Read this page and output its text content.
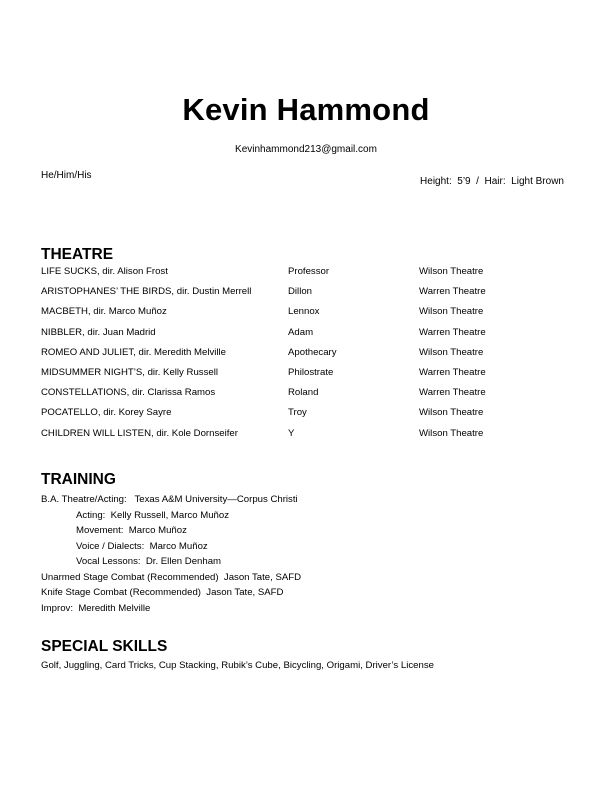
Kevin Hammond
Kevinhammond213@gmail.com
He/Him/His
Height:  5’9  /  Hair:  Light Brown
THEATRE
LIFE SUCKS, dir. Alison Frost	Professor	Wilson Theatre
ARISTOPHANES’ THE BIRDS, dir. Dustin Merrell	Dillon	Warren Theatre
MACBETH, dir. Marco Muñoz	Lennox	Wilson Theatre
NIBBLER, dir. Juan Madrid	Adam	Warren Theatre
ROMEO AND JULIET, dir. Meredith Melville	Apothecary	Wilson Theatre
MIDSUMMER NIGHT’S, dir. Kelly Russell	Philostrate	Warren Theatre
CONSTELLATIONS, dir. Clarissa Ramos	Roland	Warren Theatre
POCATELLO, dir. Korey Sayre	Troy	Wilson Theatre
CHILDREN WILL LISTEN, dir. Kole Dornseifer	Y	Wilson Theatre
TRAINING
B.A. Theatre/Acting:   Texas A&M University—Corpus Christi
Acting:  Kelly Russell, Marco Muñoz
Movement:  Marco Muñoz
Voice / Dialects:  Marco Muñoz
Vocal Lessons:  Dr. Ellen Denham
Unarmed Stage Combat (Recommended)  Jason Tate, SAFD
Knife Stage Combat (Recommended)  Jason Tate, SAFD
Improv:  Meredith Melville
SPECIAL SKILLS
Golf, Juggling, Card Tricks, Cup Stacking, Rubik’s Cube, Bicycling, Origami, Driver’s License
